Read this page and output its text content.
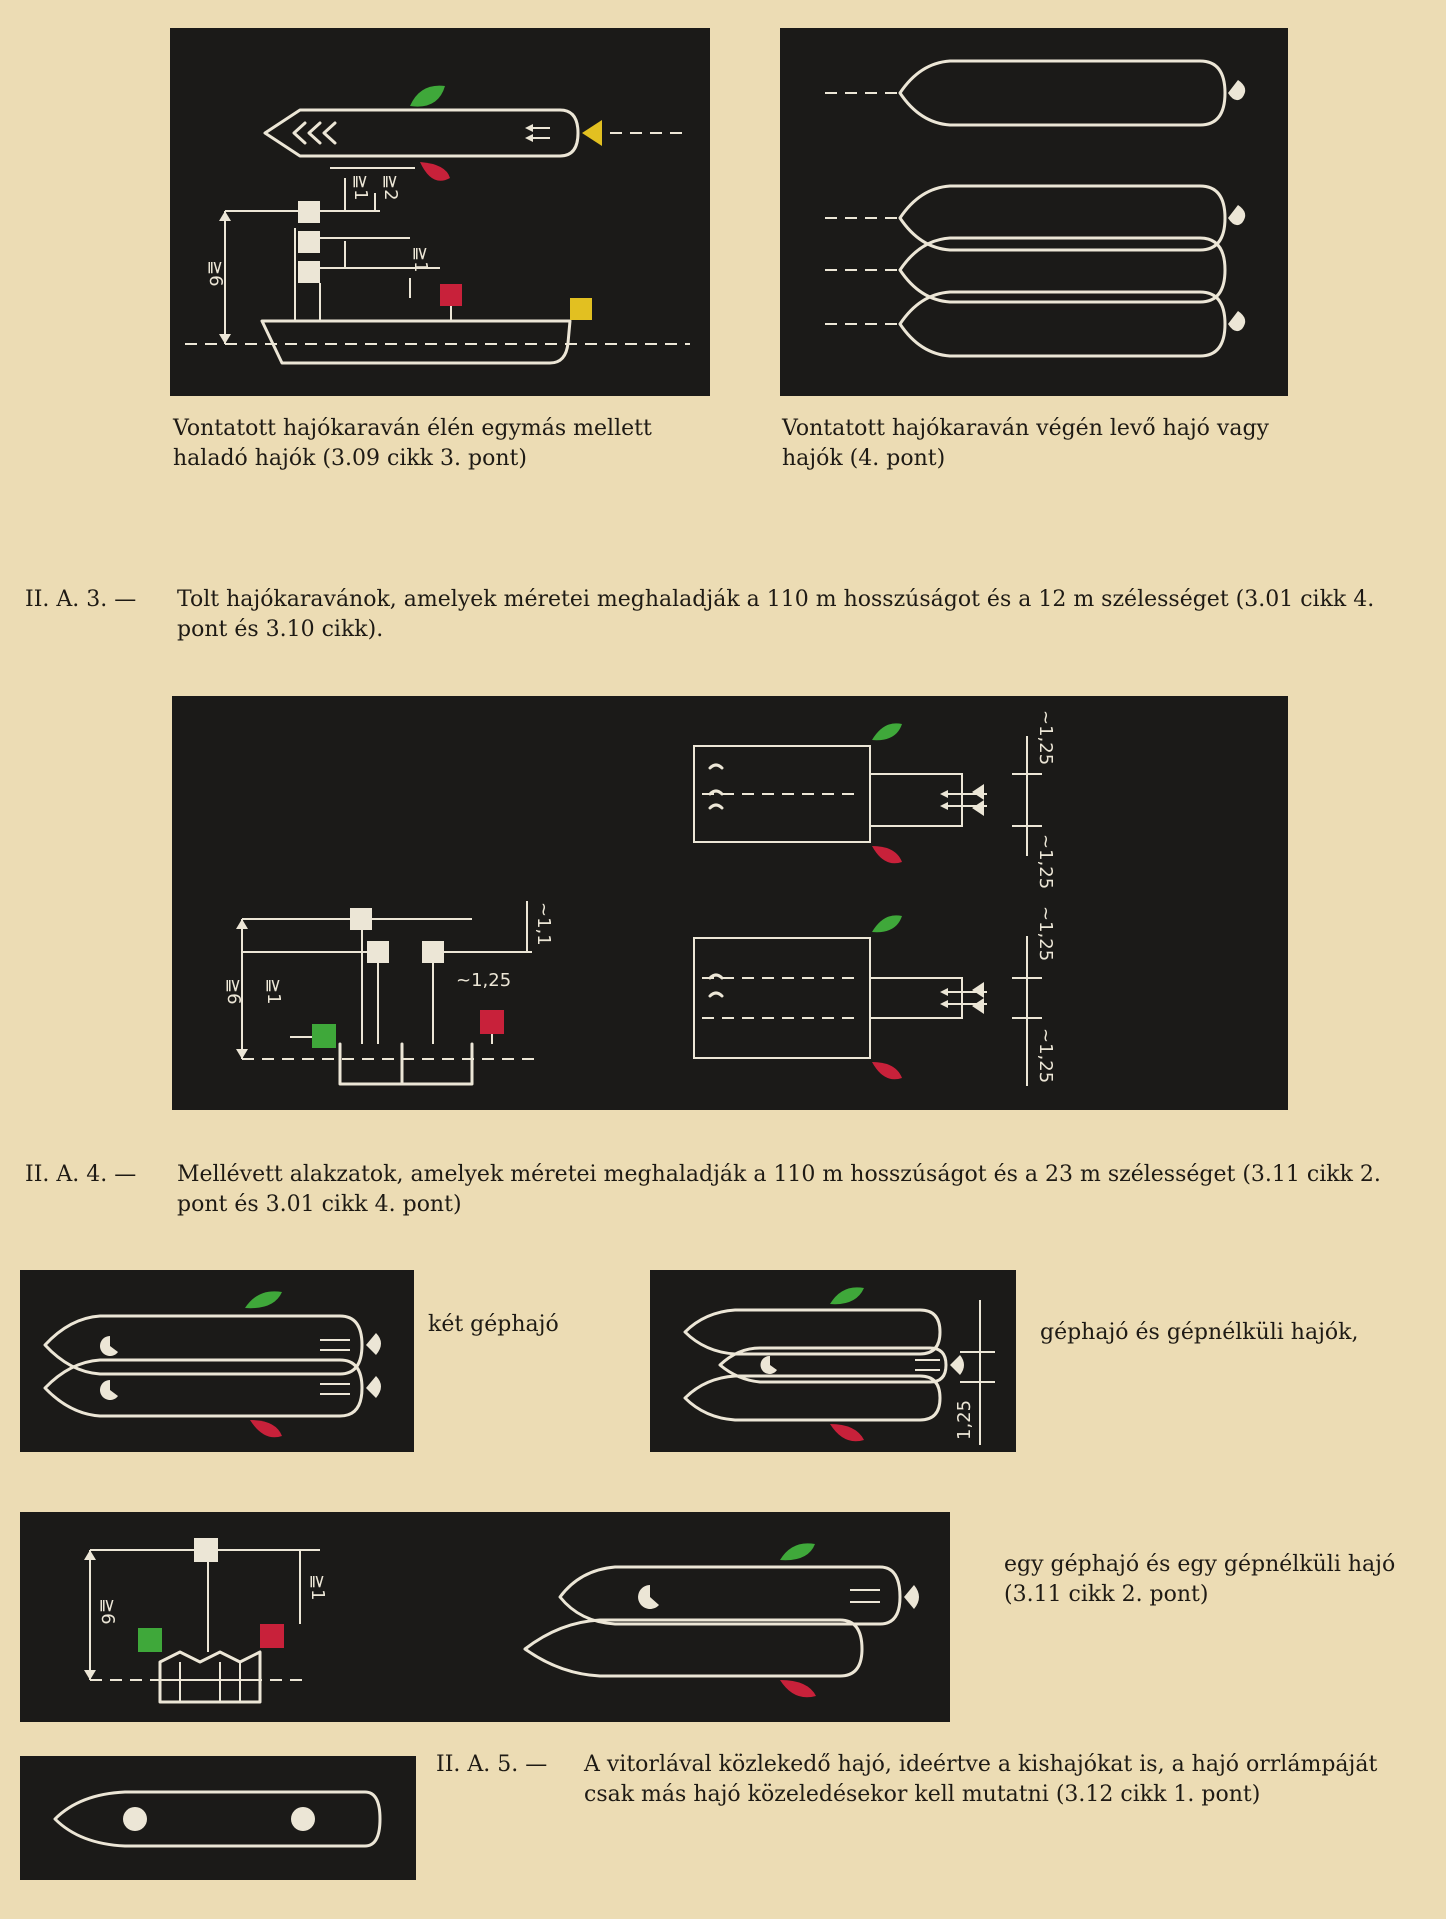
≧1 ≧2
≧1
≧6

Vontatott hajókaraván élén egymás mellett haladó hajók (3.09 cikk 3. pont)

Vontatott hajókaraván végén levő hajó vagy hajók (4. pont)

II. A. 3. — Tolt hajókaravánok, amelyek méretei meghaladják a 110 m hosszúságot és a 12 m szélességet (3.01 cikk 4. pont és 3.10 cikk).

≧6 ≧1
~1,1
~1,25
~1,25
~1,25
~1,25
~1,25

II. A. 4. — Mellévett alakzatok, amelyek méretei meghaladják a 110 m hosszúságot és a 23 m szélességet (3.11 cikk 2. pont és 3.01 cikk 4. pont)

két géphajó

1,25

géphajó és gépnélküli hajók,

≧6
≧1

egy géphajó és egy gépnélküli hajó (3.11 cikk 2. pont)

II. A. 5. — A vitorlával közlekedő hajó, ideértve a kishajókat is, a hajó orrlámpáját csak más hajó közeledésekor kell mutatni (3.12 cikk 1. pont)
